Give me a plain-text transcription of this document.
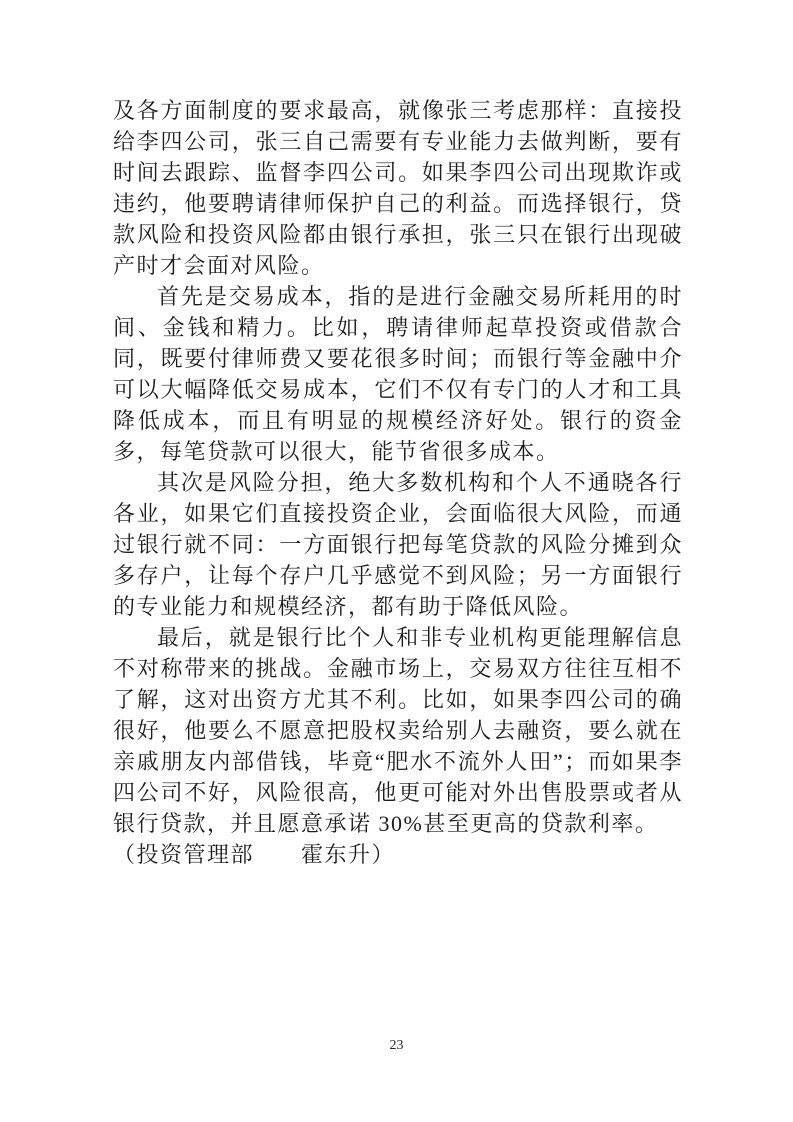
及各方面制度的要求最高，就像张三考虑那样：直接投给李四公司，张三自己需要有专业能力去做判断，要有时间去跟踪、监督李四公司。如果李四公司出现欺诈或违约，他要聘请律师保护自己的利益。而选择银行，贷款风险和投资风险都由银行承担，张三只在银行出现破产时才会面对风险。

首先是交易成本，指的是进行金融交易所耗用的时间、金钱和精力。比如，聘请律师起草投资或借款合同，既要付律师费又要花很多时间；而银行等金融中介可以大幅降低交易成本，它们不仅有专门的人才和工具降低成本，而且有明显的规模经济好处。银行的资金多，每笔贷款可以很大，能节省很多成本。

其次是风险分担，绝大多数机构和个人不通晓各行各业，如果它们直接投资企业，会面临很大风险，而通过银行就不同：一方面银行把每笔贷款的风险分摊到众多存户，让每个存户几乎感觉不到风险；另一方面银行的专业能力和规模经济，都有助于降低风险。

最后，就是银行比个人和非专业机构更能理解信息不对称带来的挑战。金融市场上，交易双方往往互相不了解，这对出资方尤其不利。比如，如果李四公司的确很好，他要么不愿意把股权卖给别人去融资，要么就在亲戚朋友内部借钱，毕竟“肥水不流外人田”；而如果李四公司不好，风险很高，他更可能对外出售股票或者从银行贷款，并且愿意承诺 30%甚至更高的贷款利率。

（投资管理部　　霍东升）

23
